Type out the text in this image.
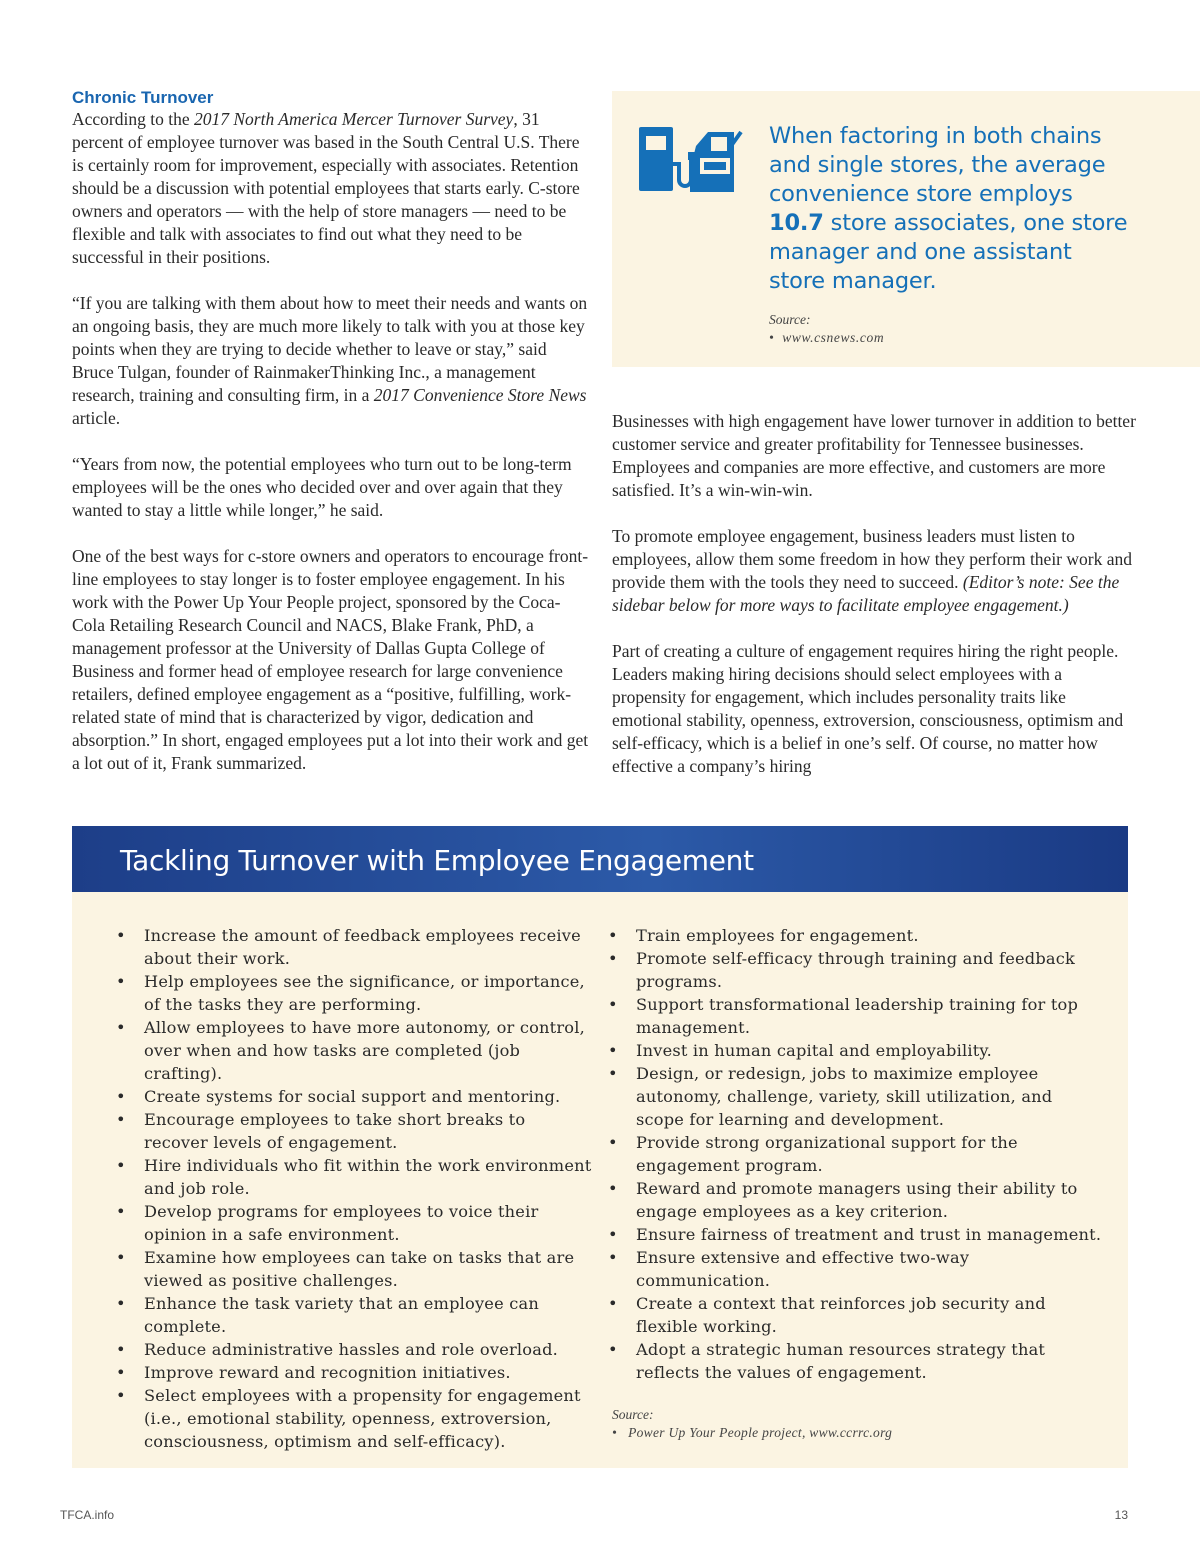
Chronic Turnover

According to the 2017 North America Mercer Turnover Survey, 31 percent of employee turnover was based in the South Central U.S. There is certainly room for improvement, especially with associates. Retention should be a discussion with potential employees that starts early. C-store owners and operators — with the help of store managers — need to be flexible and talk with associates to find out what they need to be successful in their positions.

“If you are talking with them about how to meet their needs and wants on an ongoing basis, they are much more likely to talk with you at those key points when they are trying to decide whether to leave or stay,” said Bruce Tulgan, founder of RainmakerThinking Inc., a management research, training and consulting firm, in a 2017 Convenience Store News article.

“Years from now, the potential employees who turn out to be long-term employees will be the ones who decided over and over again that they wanted to stay a little while longer,” he said.

One of the best ways for c-store owners and operators to encourage front-line employees to stay longer is to foster employee engagement. In his work with the Power Up Your People project, sponsored by the Coca-Cola Retailing Research Council and NACS, Blake Frank, PhD, a management professor at the University of Dallas Gupta College of Business and former head of employee research for large convenience retailers, defined employee engagement as a “positive, fulfilling, work-related state of mind that is characterized by vigor, dedication and absorption.” In short, engaged employees put a lot into their work and get a lot out of it, Frank summarized.

When factoring in both chains and single stores, the average convenience store employs 10.7 store associates, one store manager and one assistant store manager.
Source:
•  www.csnews.com

Businesses with high engagement have lower turnover in addition to better customer service and greater profitability for Tennessee businesses. Employees and companies are more effective, and customers are more satisfied. It’s a win-win-win.

To promote employee engagement, business leaders must listen to employees, allow them some freedom in how they perform their work and provide them with the tools they need to succeed. (Editor’s note: See the sidebar below for more ways to facilitate employee engagement.)

Part of creating a culture of engagement requires hiring the right people. Leaders making hiring decisions should select employees with a propensity for engagement, which includes personality traits like emotional stability, openness, extroversion, consciousness, optimism and self-efficacy, which is a belief in one’s self. Of course, no matter how effective a company’s hiring

Tackling Turnover with Employee Engagement
• Increase the amount of feedback employees receive about their work.
• Help employees see the significance, or importance, of the tasks they are performing.
• Allow employees to have more autonomy, or control, over when and how tasks are completed (job crafting).
• Create systems for social support and mentoring.
• Encourage employees to take short breaks to recover levels of engagement.
• Hire individuals who fit within the work environment and job role.
• Develop programs for employees to voice their opinion in a safe environment.
• Examine how employees can take on tasks that are viewed as positive challenges.
• Enhance the task variety that an employee can complete.
• Reduce administrative hassles and role overload.
• Improve reward and recognition initiatives.
• Select employees with a propensity for engagement (i.e., emotional stability, openness, extroversion, consciousness, optimism and self-efficacy).
• Train employees for engagement.
• Promote self-efficacy through training and feedback programs.
• Support transformational leadership training for top management.
• Invest in human capital and employability.
• Design, or redesign, jobs to maximize employee autonomy, challenge, variety, skill utilization, and scope for learning and development.
• Provide strong organizational support for the engagement program.
• Reward and promote managers using their ability to engage employees as a key criterion.
• Ensure fairness of treatment and trust in management.
• Ensure extensive and effective two-way communication.
• Create a context that reinforces job security and flexible working.
• Adopt a strategic human resources strategy that reflects the values of engagement.
Source:
•   Power Up Your People project, www.ccrrc.org
TFCA.info	13
